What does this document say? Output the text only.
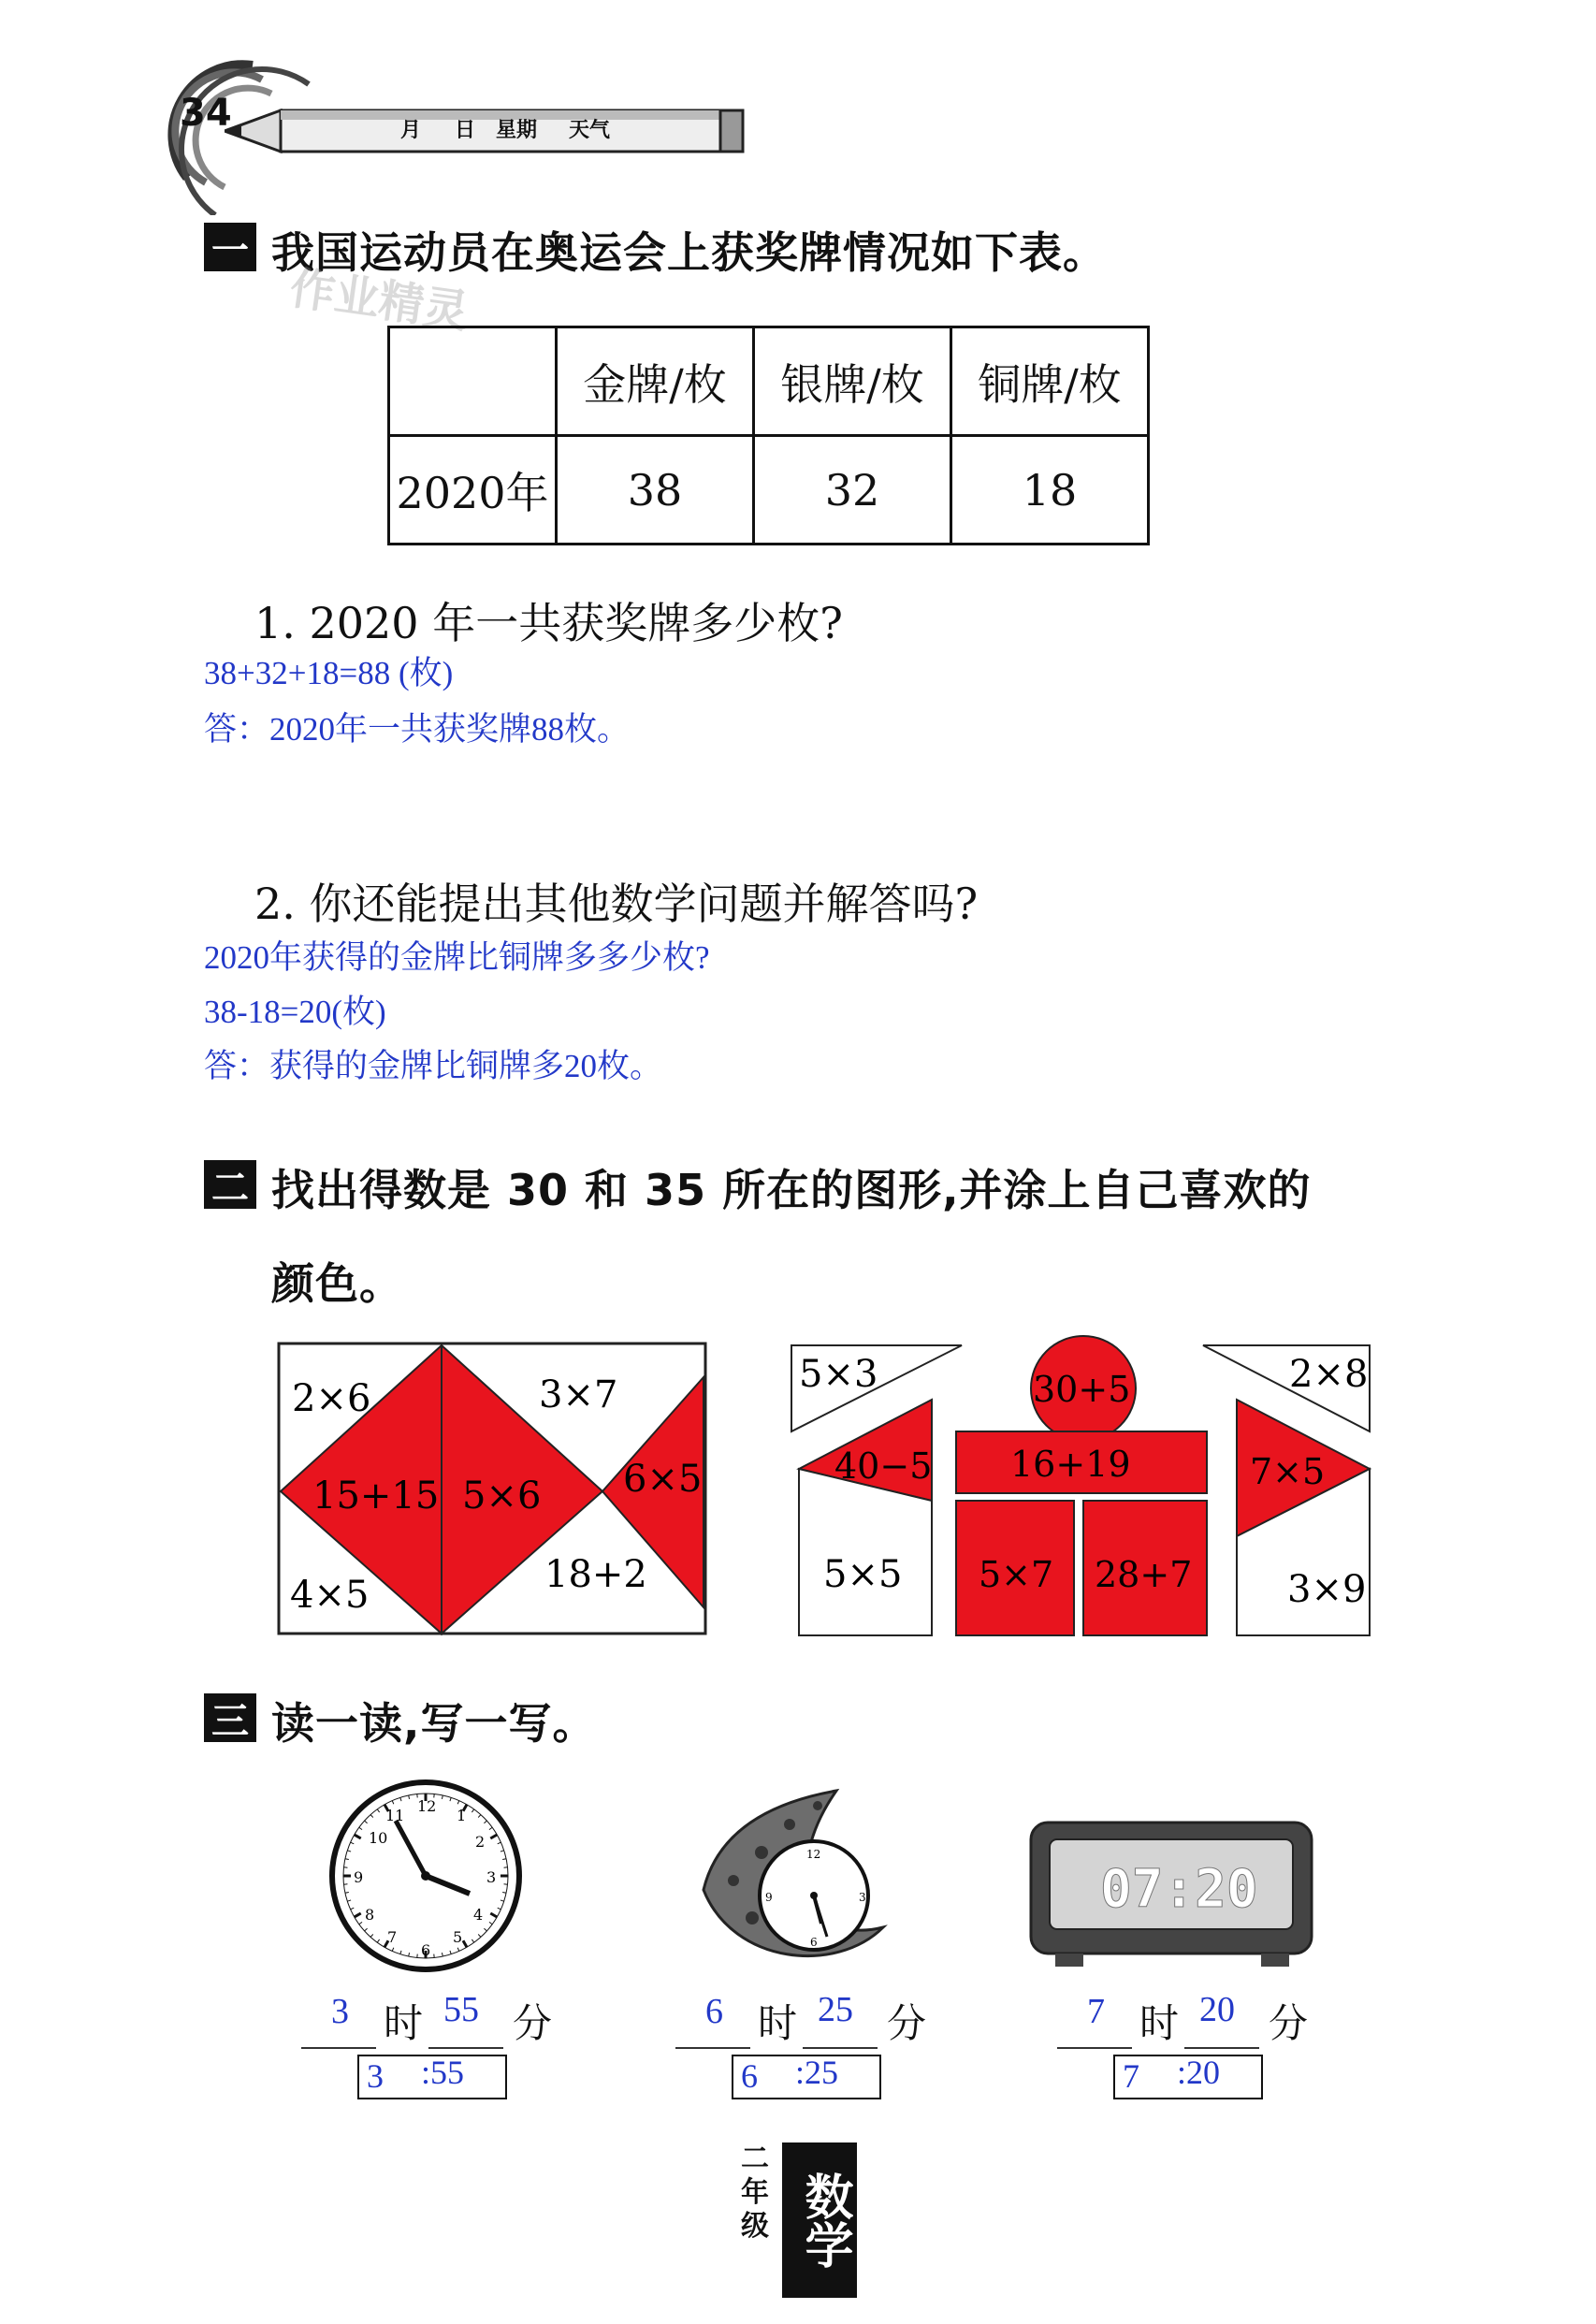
34	月 日 星期 天气
一 我国运动员在奥运会上获奖牌情况如下表。
作业精灵
	金牌/枚	银牌/枚	铜牌/枚
2020年	38	32	18
1. 2020 年一共获奖牌多少枚?
38+32+18=88 (枚)
答：2020年一共获奖牌88枚。
2. 你还能提出其他数学问题并解答吗?
2020年获得的金牌比铜牌多多少枚?
38-18=20(枚)
答：获得的金牌比铜牌多20枚。
二 找出得数是 30 和 35 所在的图形,并涂上自己喜欢的
颜色。
2×6	3×7
15+15 5×6 6×5
4×5	18+2
5×3	30+5	2×8
40−5 16+19	7×5
5×5 5×7 28+7	3×9
三 读一读,写一写。
12
3
6
9
10
11	1
2
4
5
7
8
12
3
6
9	07:20
3 时 55 分
3 :55
6 时 25 分
6 :25
7 时 20 分
7 :20
二年级 数学
